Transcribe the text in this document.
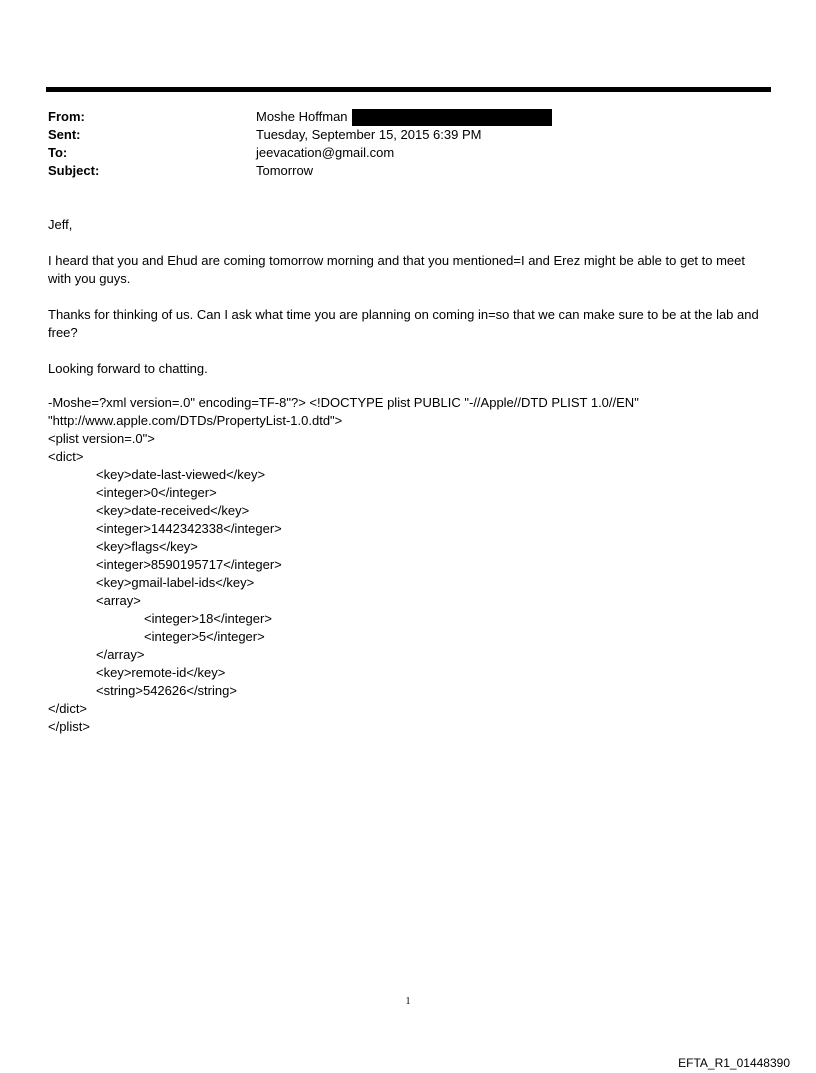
From:	Moshe Hoffman
Sent:	Tuesday, September 15, 2015 6:39 PM
To:	jeevacation@gmail.com
Subject:	Tomorrow

Jeff,

I heard that you and Ehud are coming tomorrow morning and that you mentioned=I and Erez might be able to get to meet with you guys.

Thanks for thinking of us. Can I ask what time you are planning on coming in=so that we can make sure to be at the lab and free?

Looking forward to chatting.

-Moshe=?xml version=.0" encoding=TF-8"?> <!DOCTYPE plist PUBLIC "-//Apple//DTD PLIST 1.0//EN"
"http://www.apple.com/DTDs/PropertyList-1.0.dtd">
<plist version=.0">
<dict>
<key>date-last-viewed</key>
<integer>0</integer>
<key>date-received</key>
<integer>1442342338</integer>
<key>flags</key>
<integer>8590195717</integer>
<key>gmail-label-ids</key>
<array>
<integer>18</integer>
<integer>5</integer>
</array>
<key>remote-id</key>
<string>542626</string>
</dict>
</plist>
1
EFTA_R1_01448390
